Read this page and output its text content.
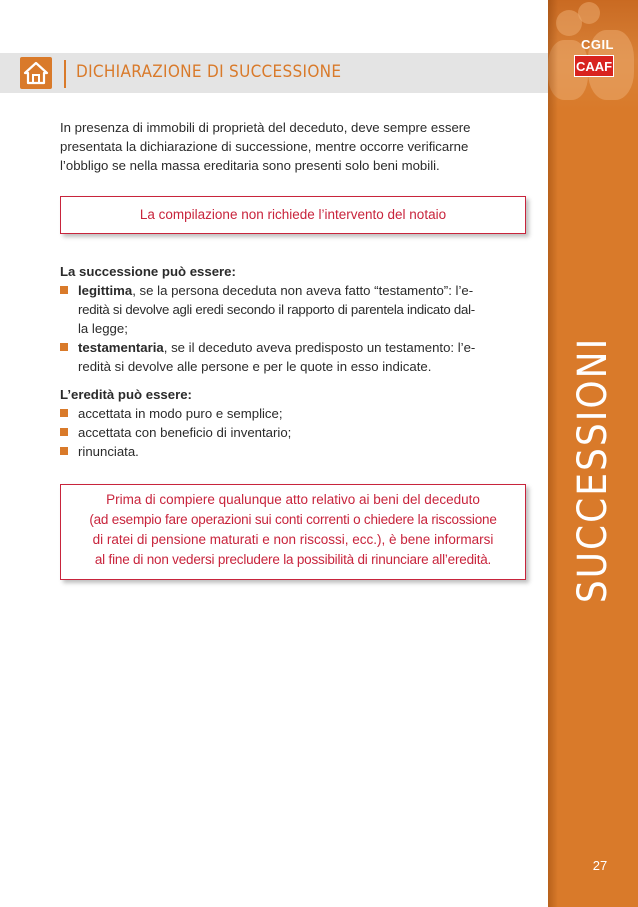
CGIL
CAAF
SUCCESSIONI
27
DICHIARAZIONE DI SUCCESSIONE
In presenza di immobili di proprietà del deceduto, deve sempre essere
presentata la dichiarazione di successione, mentre occorre verificarne
l’obbligo se nella massa ereditaria sono presenti solo beni mobili.
La compilazione non richiede l’intervento del notaio
La successione può essere:
legittima, se la persona deceduta non aveva fatto “testamento”: l’e-
redità si devolve agli eredi secondo il rapporto di parentela indicato dal-
la legge;
testamentaria, se il deceduto aveva predisposto un testamento: l’e-
redità si devolve alle persone e per le quote in esso indicate.
L’eredità può essere:
accettata in modo puro e semplice;
accettata con beneficio di inventario;
rinunciata.
Prima di compiere qualunque atto relativo ai beni del deceduto
(ad esempio fare operazioni sui conti correnti o chiedere la riscossione
di ratei di pensione maturati e non riscossi, ecc.), è bene informarsi
al fine di non vedersi precludere la possibilità di rinunciare all’eredità.
